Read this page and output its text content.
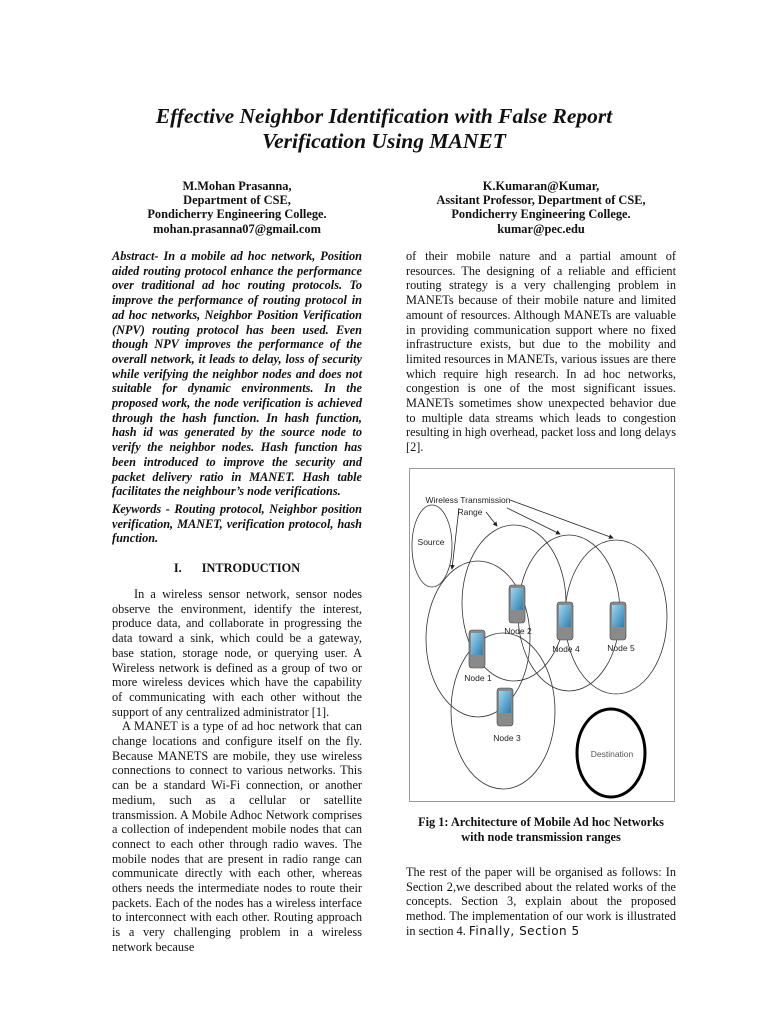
Effective Neighbor Identification with False Report
Verification Using MANET
M.Mohan Prasanna,
Department of CSE,
Pondicherry Engineering College.
mohan.prasanna07@gmail.com
K.Kumaran@Kumar,
Assitant Professor, Department of CSE,
Pondicherry Engineering College.
kumar@pec.edu

Abstract- In a mobile ad hoc network, Position aided routing protocol enhance the performance over traditional ad hoc routing protocols. To improve the performance of routing protocol in ad hoc networks, Neighbor Position Verification (NPV) routing protocol has been used. Even though NPV improves the performance of the overall network, it leads to delay, loss of security while verifying the neighbor nodes and does not suitable for dynamic environments. In the proposed work, the node verification is achieved through the hash function. In hash function, hash id was generated by the source node to verify the neighbor nodes. Hash function has been introduced to improve the security and packet delivery ratio in MANET. Hash table facilitates the neighbour’s node verifications.

Keywords - Routing protocol, Neighbor position verification, MANET, verification protocol, hash function.

I. INTRODUCTION

In a wireless sensor network, sensor nodes observe the environment, identify the interest, produce data, and collaborate in progressing the data toward a sink, which could be a gateway, base station, storage node, or querying user. A Wireless network is defined as a group of two or more wireless devices which have the capability of communicating with each other without the support of any centralized administrator [1].

A MANET is a type of ad hoc network that can change locations and configure itself on the fly. Because MANETS are mobile, they use wireless connections to connect to various networks. This can be a standard Wi-Fi connection, or another medium, such as a cellular or satellite transmission. A Mobile Adhoc Network comprises a collection of independent mobile nodes that can connect to each other through radio waves. The mobile nodes that are present in radio range can communicate directly with each other, whereas others needs the intermediate nodes to route their packets. Each of the nodes has a wireless interface to interconnect with each other. Routing approach is a very challenging problem in a wireless network because

of their mobile nature and a partial amount of resources. The designing of a reliable and efficient routing strategy is a very challenging problem in MANETs because of their mobile nature and limited amount of resources. Although MANETs are valuable in providing communication support where no fixed infrastructure exists, but due to the mobility and limited resources in MANETs, various issues are there which require high research. In ad hoc networks, congestion is one of the most significant issues. MANETs sometimes show unexpected behavior due to multiple data streams which leads to congestion resulting in high overhead, packet loss and long delays [2].

Wireless Transmission
Range
Source
Destination
Node 1
Node 2
Node 3
Node 4	Node 5
Fig 1: Architecture of Mobile Ad hoc Networks
with node transmission ranges

The rest of the paper will be organised as follows: In Section 2,we described about the related works of the concepts. Section 3, explain about the proposed method. The implementation of our work is illustrated in section 4. Finally, Section 5
